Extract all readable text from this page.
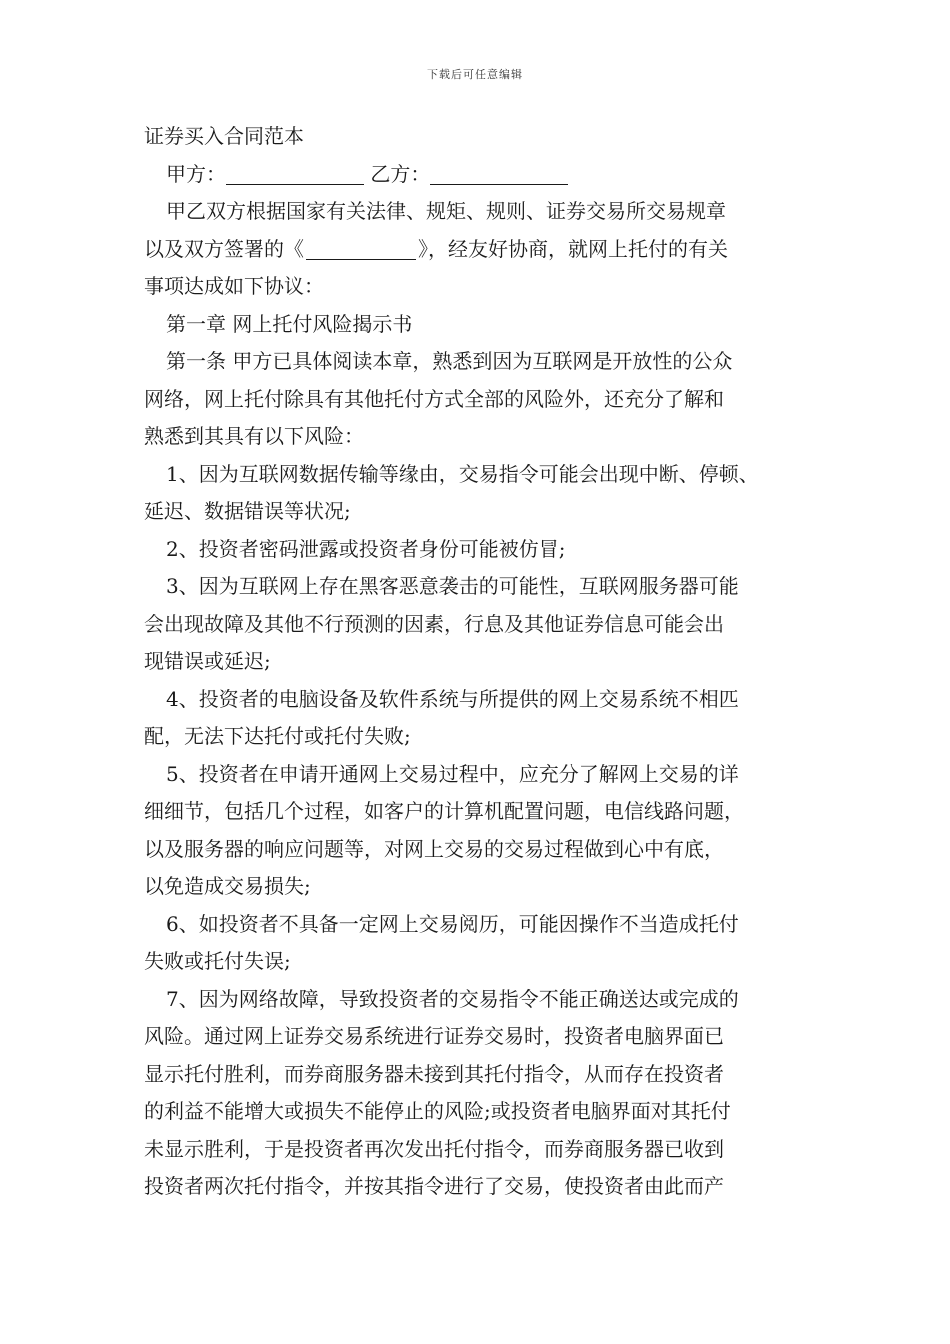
下载后可任意编辑

证券买入合同范本

甲方：	乙方：

甲乙双方根据国家有关法律、规矩、规则、证券交易所交易规章
以及双方签署的《	》，经友好协商，就网上托付的有关
事项达成如下协议：

第一章 网上托付风险揭示书

第一条 甲方已具体阅读本章，熟悉到因为互联网是开放性的公众
网络，网上托付除具有其他托付方式全部的风险外，还充分了解和
熟悉到其具有以下风险：

1、因为互联网数据传输等缘由，交易指令可能会出现中断、停顿、
延迟、数据错误等状况;

2、投资者密码泄露或投资者身份可能被仿冒;

3、因为互联网上存在黑客恶意袭击的可能性，互联网服务器可能
会出现故障及其他不行预测的因素，行息及其他证券信息可能会出
现错误或延迟;

4、投资者的电脑设备及软件系统与所提供的网上交易系统不相匹
配，无法下达托付或托付失败;

5、投资者在申请开通网上交易过程中，应充分了解网上交易的详
细细节，包括几个过程，如客户的计算机配置问题，电信线路问题，
以及服务器的响应问题等，对网上交易的交易过程做到心中有底，
以免造成交易损失;

6、如投资者不具备一定网上交易阅历，可能因操作不当造成托付
失败或托付失误;

7、因为网络故障，导致投资者的交易指令不能正确送达或完成的
风险。通过网上证券交易系统进行证券交易时，投资者电脑界面已
显示托付胜利，而券商服务器未接到其托付指令，从而存在投资者
的利益不能增大或损失不能停止的风险;或投资者电脑界面对其托付
未显示胜利，于是投资者再次发出托付指令，而券商服务器已收到
投资者两次托付指令，并按其指令进行了交易，使投资者由此而产
